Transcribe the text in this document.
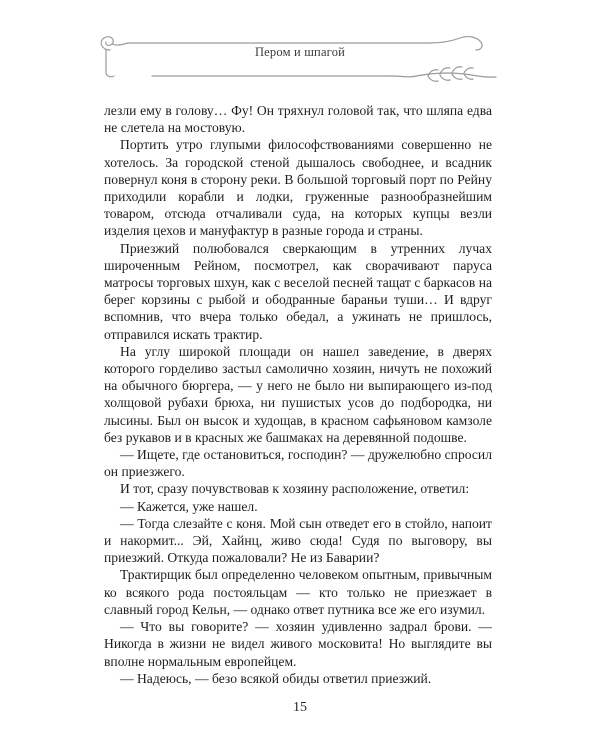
Пером и шпагой

лезли ему в голову… Фу! Он тряхнул головой так, что шляпа едва не слетела на мостовую.

Портить утро глупыми философствованиями совершенно не хотелось. За городской стеной дышалось свободнее, и всадник повернул коня в сторону реки. В большой торговый порт по Рейну приходили корабли и лодки, груженные разнообразнейшим товаром, отсюда отчаливали суда, на которых купцы везли изделия цехов и мануфактур в разные города и страны.

Приезжий полюбовался сверкающим в утренних лучах широченным Рейном, посмотрел, как сворачивают паруса матросы торговых шхун, как с веселой песней тащат с баркасов на берег корзины с рыбой и ободранные бараньи туши… И вдруг вспомнив, что вчера только обедал, а ужинать не пришлось, отправился искать трактир.

На углу широкой площади он нашел заведение, в дверях которого горделиво застыл самолично хозяин, ничуть не похожий на обычного бюргера, — у него не было ни выпирающего из-под холщовой рубахи брюха, ни пушистых усов до подбородка, ни лысины. Был он высок и худощав, в красном сафьяновом камзоле без рукавов и в красных же башмаках на деревянной подошве.

— Ищете, где остановиться, господин? — дружелюбно спросил он приезжего.

И тот, сразу почувствовав к хозяину расположение, ответил:

— Кажется, уже нашел.

— Тогда слезайте с коня. Мой сын отведет его в стойло, напоит и накормит... Эй, Хайнц, живо сюда! Судя по выговору, вы приезжий. Откуда пожаловали? Не из Баварии?

Трактирщик был определенно человеком опытным, привычным ко всякого рода постояльцам — кто только не приезжает в славный город Кельн, — однако ответ путника все же его изумил.

— Что вы говорите? — хозяин удивленно задрал брови. — Никогда в жизни не видел живого московита! Но выглядите вы вполне нормальным европейцем.

— Надеюсь, — безо всякой обиды ответил приезжий.

15
